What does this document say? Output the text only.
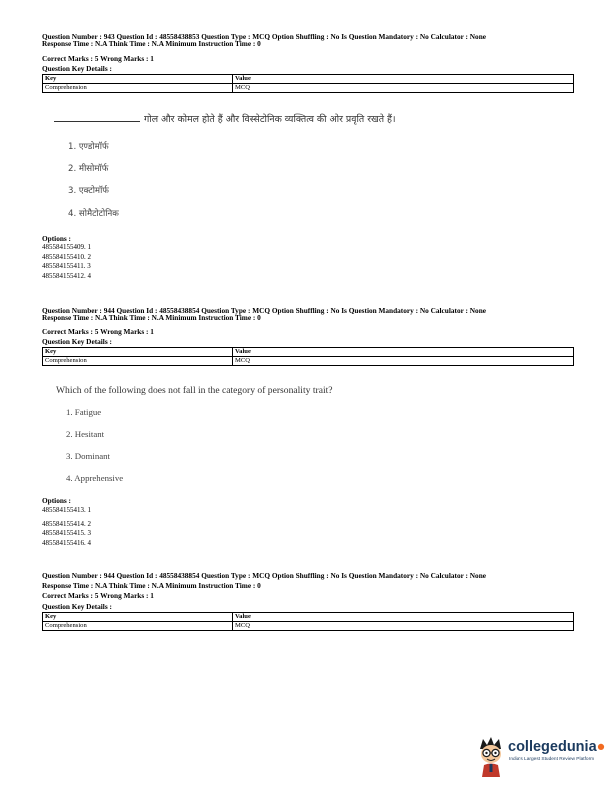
Question Number : 943 Question Id : 48558438853 Question Type : MCQ Option Shuffling : No Is Question Mandatory : No Calculator : None
Response Time : N.A Think Time : N.A Minimum Instruction Time : 0
Correct Marks : 5 Wrong Marks : 1
Question Key Details :
Key	Value
Comprehension	MCQ
गोल और कोमल होते हैं और विस्सेटोनिक व्यक्तित्व की ओर प्रवृति रखते हैं।
1. एण्डोमॉर्फ
2. मीसोमॉर्फ
3. एक्टोमॉर्फ
4. सोमैटोटोनिक
Options :
485584155409. 1
485584155410. 2
485584155411. 3
485584155412. 4
Question Number : 944 Question Id : 48558438854 Question Type : MCQ Option Shuffling : No Is Question Mandatory : No Calculator : None
Response Time : N.A Think Time : N.A Minimum Instruction Time : 0
Correct Marks : 5 Wrong Marks : 1
Question Key Details :
Key	Value
Comprehension	MCQ
Which of the following does not fall in the category of personality trait?
1. Fatigue
2. Hesitant
3. Dominant
4. Apprehensive
Options :
485584155413. 1
485584155414. 2
485584155415. 3
485584155416. 4
Question Number : 944 Question Id : 48558438854 Question Type : MCQ Option Shuffling : No Is Question Mandatory : No Calculator : None
Response Time : N.A Think Time : N.A Minimum Instruction Time : 0
Correct Marks : 5 Wrong Marks : 1
Question Key Details :
Key	Value
Comprehension	MCQ
collegedunia●
India's Largest Student Review Platform
